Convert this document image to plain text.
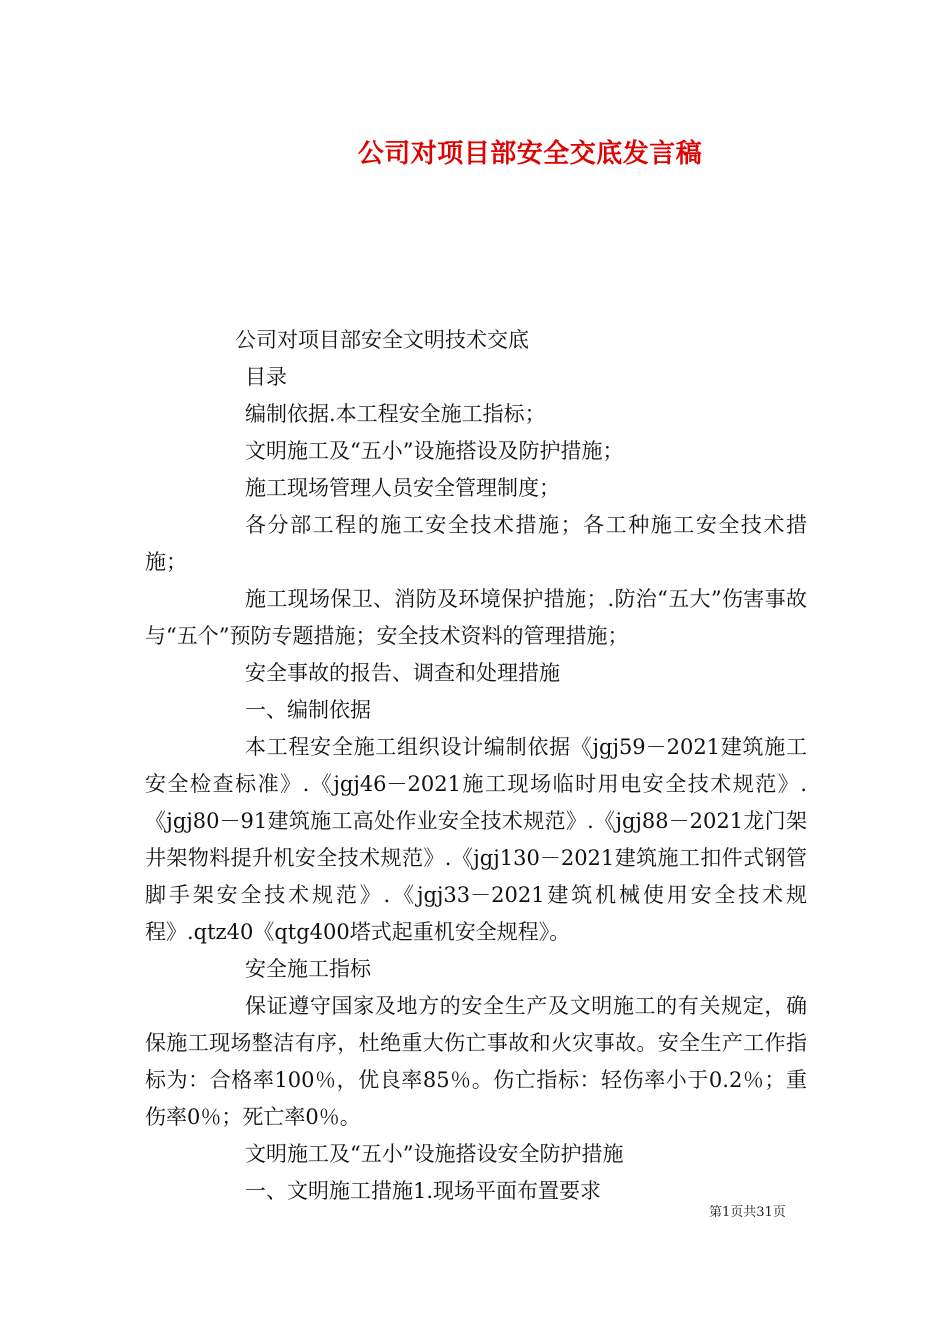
公司对项目部安全交底发言稿

公司对项目部安全文明技术交底

目录

编制依据.本工程安全施工指标；

文明施工及“五小”设施搭设及防护措施；

施工现场管理人员安全管理制度；

各分部工程的施工安全技术措施；各工种施工安全技术措施；

施工现场保卫、消防及环境保护措施；.防治“五大”伤害事故与“五个”预防专题措施；安全技术资料的管理措施；

安全事故的报告、调查和处理措施

一、编制依据

本工程安全施工组织设计编制依据《jgj59－2021建筑施工安全检查标准》.《jgj46－2021施工现场临时用电安全技术规范》.《jgj80－91建筑施工高处作业安全技术规范》.《jgj88－2021龙门架井架物料提升机安全技术规范》.《jgj130－2021建筑施工扣件式钢管脚手架安全技术规范》.《jgj33－2021建筑机械使用安全技术规程》.qtz40《qtg400塔式起重机安全规程》。

安全施工指标

保证遵守国家及地方的安全生产及文明施工的有关规定，确保施工现场整洁有序，杜绝重大伤亡事故和火灾事故。安全生产工作指标为：合格率100％，优良率85％。伤亡指标：轻伤率小于0.2％；重伤率0％；死亡率0％。

文明施工及“五小”设施搭设安全防护措施

一、文明施工措施1.现场平面布置要求

第1页共31页
